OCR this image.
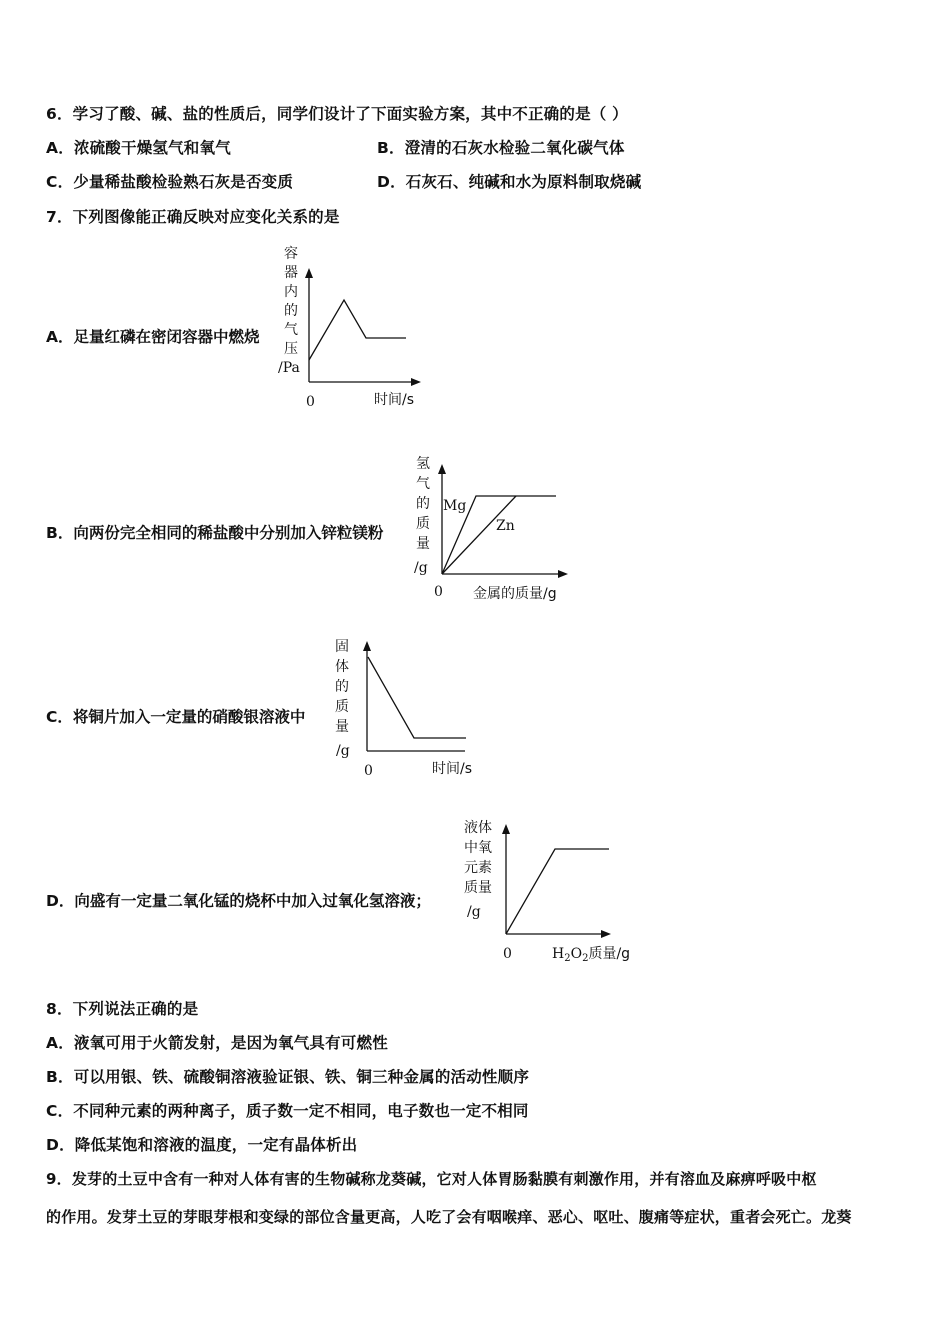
6．学习了酸、碱、盐的性质后，同学们设计了下面实验方案，其中不正确的是（ ）
A．浓硫酸干燥氢气和氧气	B．澄清的石灰水检验二氧化碳气体
C．少量稀盐酸检验熟石灰是否变质	D．石灰石、纯碱和水为原料制取烧碱
7．下列图像能正确反映对应变化关系的是
A．足量红磷在密闭容器中燃烧
容
器
内
的
气
压
/Pa
0	时间/s
B．向两份完全相同的稀盐酸中分别加入锌粒镁粉
氢
气
的
质
量
/g
Mg
Zn
0 金属的质量/g
C．将铜片加入一定量的硝酸银溶液中
固
体
的
质
量
/g
0	时间/s
D．向盛有一定量二氧化锰的烧杯中加入过氧化氢溶液；
液体
中氧
元素
质量
/g
0	$H_2O_2$质量/g
8．下列说法正确的是
A．液氧可用于火箭发射，是因为氧气具有可燃性
B．可以用银、铁、硫酸铜溶液验证银、铁、铜三种金属的活动性顺序
C．不同种元素的两种离子，质子数一定不相同，电子数也一定不相同
D．降低某饱和溶液的温度，一定有晶体析出
9．发芽的土豆中含有一种对人体有害的生物碱称龙葵碱，它对人体胃肠黏膜有刺激作用，并有溶血及麻痹呼吸中枢
的作用。发芽土豆的芽眼芽根和变绿的部位含量更高，人吃了会有咽喉痒、恶心、呕吐、腹痛等症状，重者会死亡。龙葵
